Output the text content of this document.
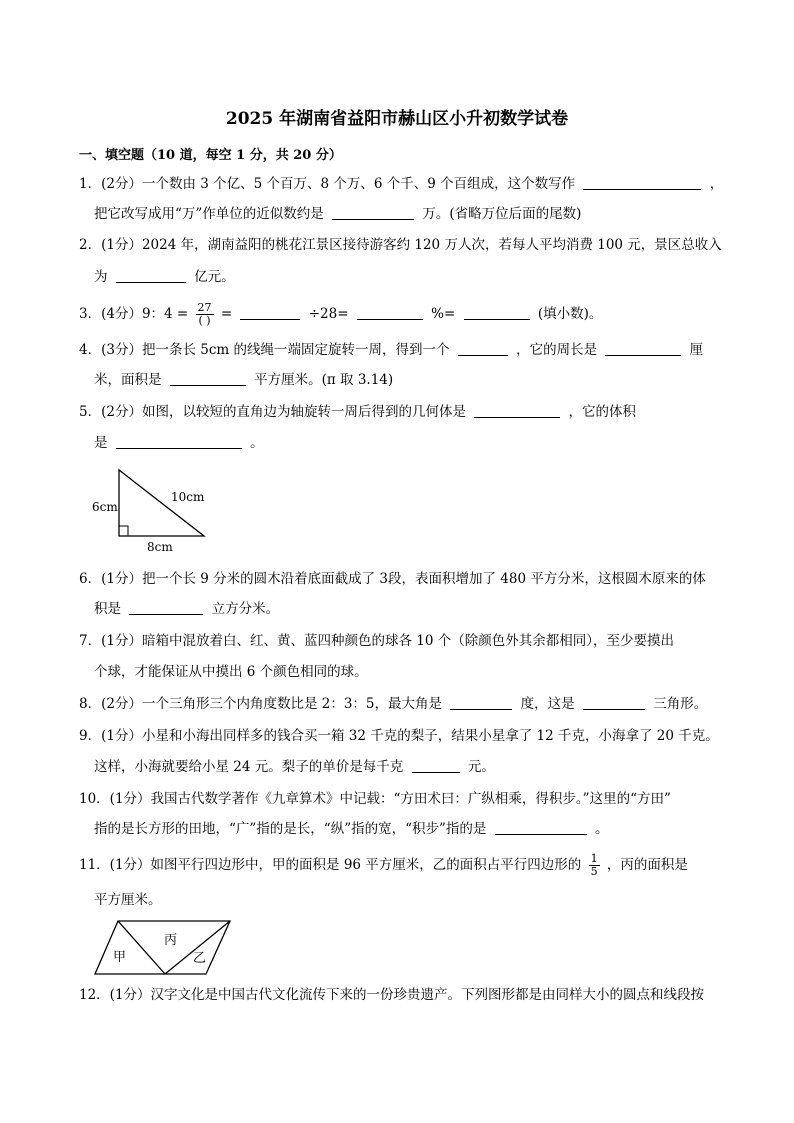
2025 年湖南省益阳市赫山区小升初数学试卷
一、填空题（10 道，每空 1 分，共 20 分）
1．(2分）一个数由 3 个亿、5 个百万、8 个万、6 个千、9 个百组成，这个数写作	，
把它改写成用“万”作单位的近似数约是	万。(省略万位后面的尾数)
2．(1分）2024 年，湖南益阳的桃花江景区接待游客约 120 万人次，若每人平均消费 100 元，景区总收入
为	亿元。
3．(4分）9：$4 = \frac{27}{( )}$ =	÷28=	%=	(填小数)。
4．(3分）把一条长 5cm 的线绳一端固定旋转一周，得到一个	，它的周长是	厘
米，面积是	平方厘米。(π 取 3.14)
5．(2分）如图，以较短的直角边为轴旋转一周后得到的几何体是	，它的体积
是	。
6cm
10cm
8cm
6．(1分）把一个长 9 分米的圆木沿着底面截成了 3段，表面积增加了 480 平方分米，这根圆木原来的体
积是	立方分米。
7．(1分）暗箱中混放着白、红、黄、蓝四种颜色的球各 10 个（除颜色外其余都相同），至少要摸出
个球，才能保证从中摸出 6 个颜色相同的球。
8．(2分）一个三角形三个内角度数比是 2：3：5，最大角是	度，这是	三角形。
9．(1分）小星和小海出同样多的钱合买一箱 32 千克的梨子，结果小星拿了 12 千克，小海拿了 20 千克。
这样，小海就要给小星 24 元。梨子的单价是每千克	元。
10．(1分）我国古代数学著作《九章算术》中记载：“方田术曰：广纵相乘，得积步。”这里的“方田”
指的是长方形的田地，“广”指的是长，“纵”指的宽，“积步”指的是	。
11．(1分）如图平行四边形中，甲的面积是 96 平方厘米，乙的面积占平行四边形的 $\frac{1}{5}$ ，丙的面积是
平方厘米。
甲
丙
乙
12．(1分）汉字文化是中国古代文化流传下来的一份珍贵遗产。下列图形都是由同样大小的圆点和线段按
